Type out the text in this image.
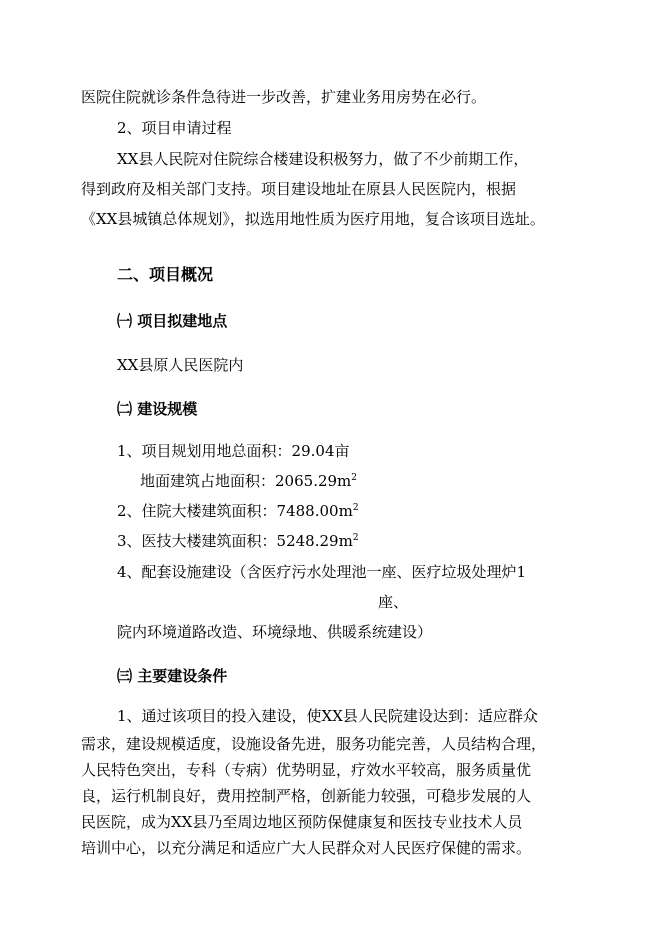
医院住院就诊条件急待进一步改善，扩建业务用房势在必行。
2、项目申请过程
XX县人民院对住院综合楼建设积极努力，做了不少前期工作，
得到政府及相关部门支持。项目建设地址在原县人民医院内，根据
《XX县城镇总体规划》，拟选用地性质为医疗用地，复合该项目选址。
二、项目概况
㈠ 项目拟建地点
XX县原人民医院内
㈡ 建设规模
1、项目规划用地总面积：29.04亩
地面建筑占地面积：$2065.29m^2$
2、住院大楼建筑面积：$7488.00m^2$
3、医技大楼建筑面积：$5248.29m^2$
4、配套设施建设（含医疗污水处理池一座、医疗垃圾处理炉1
座、
院内环境道路改造、环境绿地、供暖系统建设）
㈢ 主要建设条件
1、通过该项目的投入建设，使XX县人民院建设达到：适应群众
需求，建设规模适度，设施设备先进，服务功能完善，人员结构合理，
人民特色突出，专科（专病）优势明显，疗效水平较高，服务质量优
良，运行机制良好，费用控制严格，创新能力较强，可稳步发展的人
民医院，成为XX县乃至周边地区预防保健康复和医技专业技术人员
培训中心，以充分满足和适应广大人民群众对人民医疗保健的需求。
